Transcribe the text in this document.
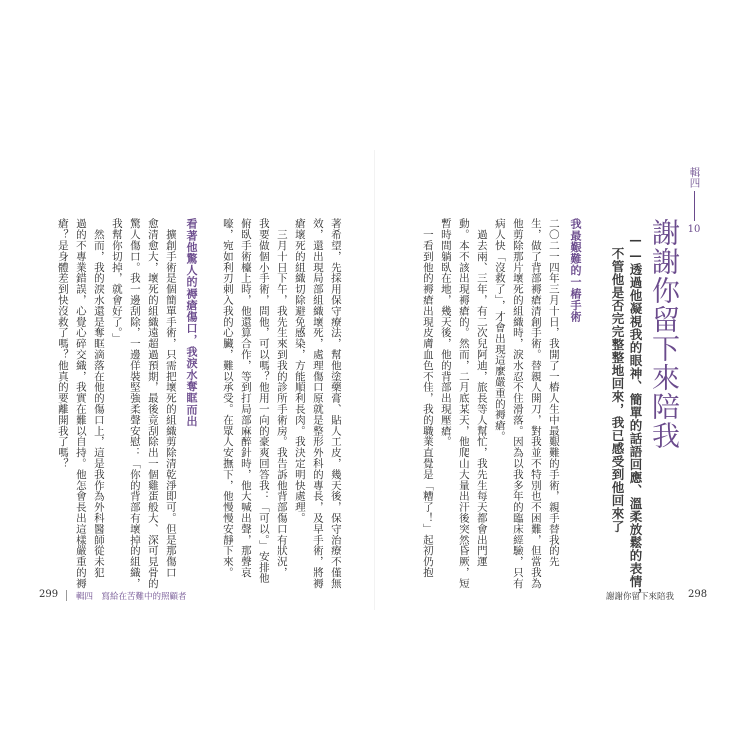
輯四
10
謝謝你留下來陪我
——透過他凝視我的眼神、簡單的話語回應、溫柔放鬆的表情，
不管他是否完完整整地回來，我已感受到他回來了
我最艱難的一樁手術
二〇二一四年三月十日，我開了一樁人生中最艱難的手術，親手替我的先
生，做了背部褥瘡清創手術。替親人開刀，對我並不特別也不困難，但當我為
他剪除那片壞死的組織時，淚水忍不住滑落。因為以我多年的臨床經驗，只有
病人快「沒救了」，才會出現這麼嚴重的褥瘡。
　過去兩、三年，有二次兒阿迪，旅長等人幫忙，我先生每天都會出門運
動。本不該出現褥瘡的。然而，二月底某天，他爬山大量出汗後突然昏厥，短
暫時間躺臥在地，幾天後，他的背部出現壓瘡。
　一看到他的褥瘡出現皮膚血色不佳，我的職業直覺是「糟了！」起初仍抱
著希望，先採用保守療法，幫他塗藥膏、貼人工皮，幾天後，保守治療不僅無
效，還出現局部組織壞死，處理傷口原就是整形外科的專長，及早手術，將褥
瘡壞死的組織切除避免感染，方能順利長肉。我決定明快處理。
　三月十日下午，我先生來到我的診所手術房。我告訴他背部傷口有狀況，
我要做個小手術，問他，可以嗎？他用一向的豪爽回答我：「可以。」安排他
俯臥手術檯上時，他還算合作，等到打局部麻醉針時，他大喊出聲，那聲哀
嚎，宛如利刃刺入我的心臟，難以承受。在眾人安撫下，他慢慢安靜下來。
看著他驚人的褥瘡傷口，我淚水奪眶而出
　擴創手術是個簡單手術，只需把壞死的組織剪除清乾淨即可。但是那傷口
愈清愈大，壞死的組織遠超過預期，最後竟刮除出一個雞蛋般大、深可見骨的
驚人傷口。我一邊刮除，一邊佯裝堅強柔聲安慰：「你的背部有壞掉的組織，
我幫你切掉，就會好了。」
　然而，我的淚水還是奪眶滴落在他的傷口上，這是我作為外科醫師從未犯
過的不專業錯誤，心覺心碎交織，我實在難以自持。他怎會長出這樣嚴重的褥
瘡？是身體差到快沒救了嗎？他真的要離開我了嗎？
299 輯四　寫給在苦難中的照顧者	謝謝你留下來陪我 298
